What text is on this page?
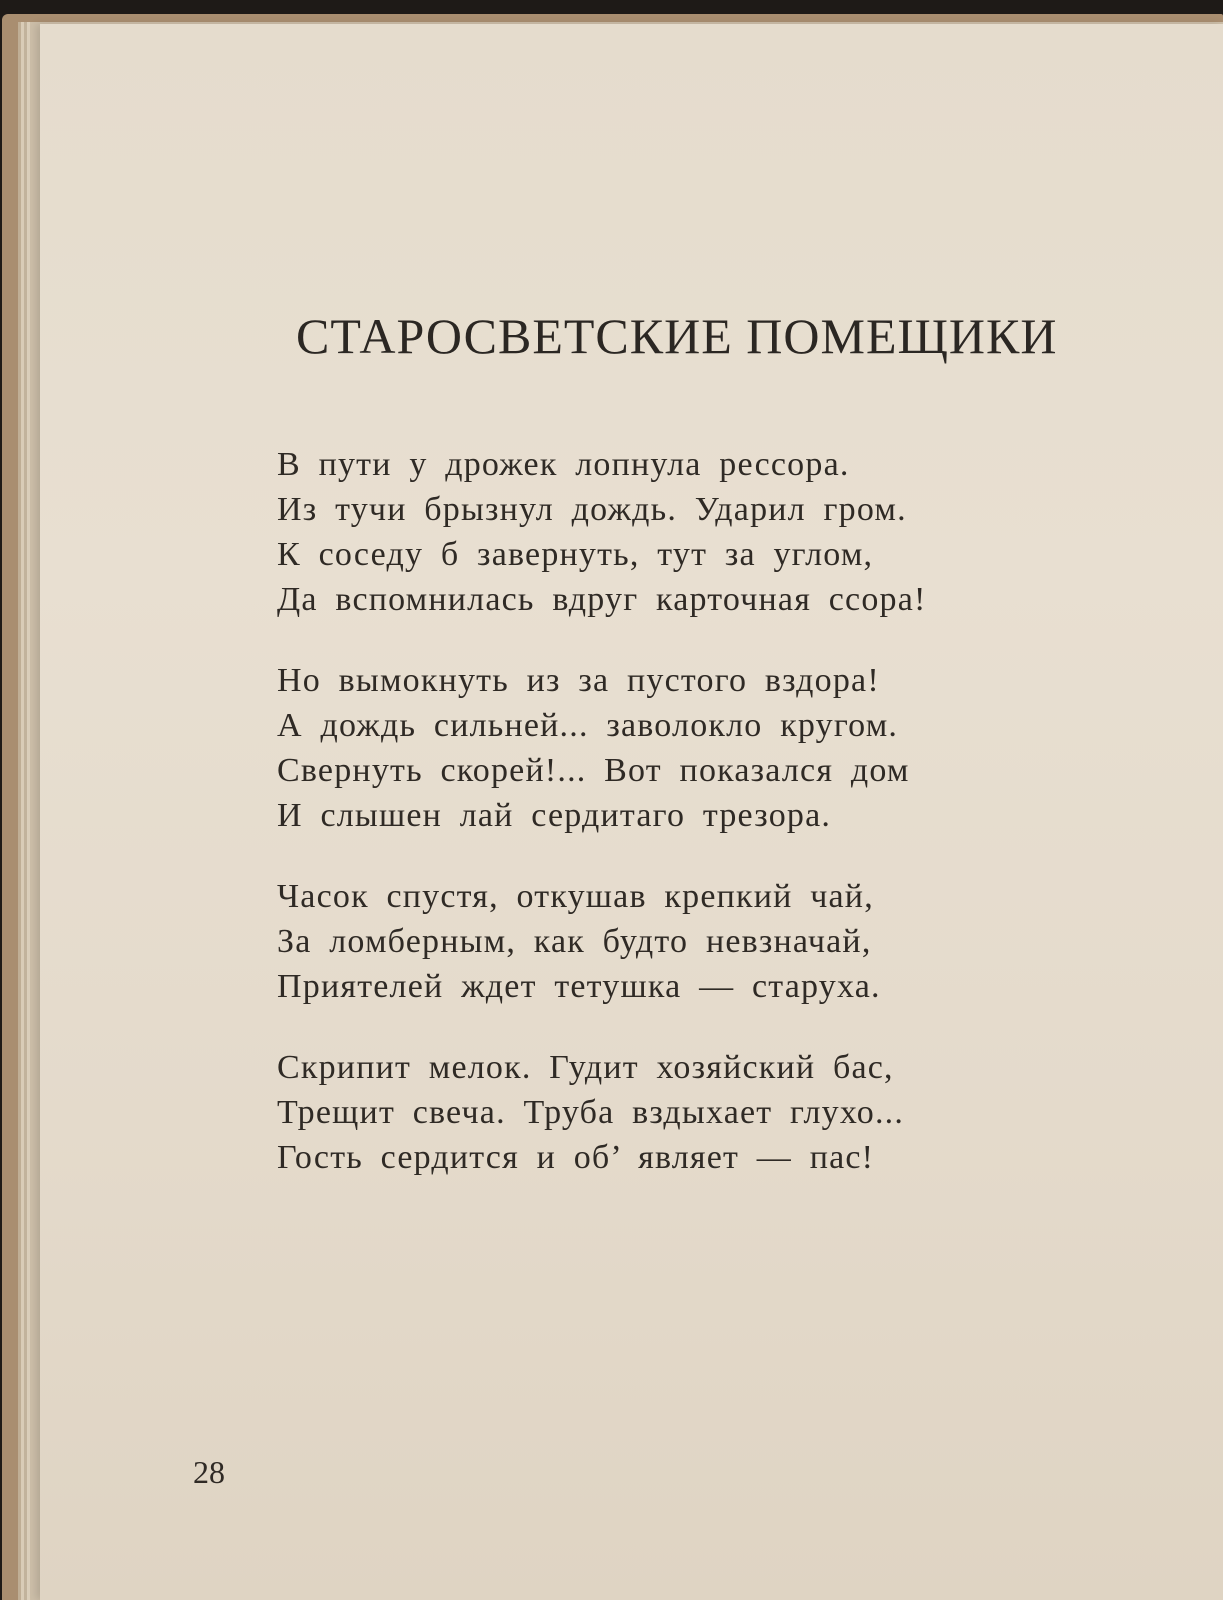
СТАРОСВЕТСКИЕ ПОМЕЩИКИ
В пути у дрожек лопнула рессора.
Из тучи брызнул дождь. Ударил гром.
К соседу б завернуть, тут за углом,
Да вспомнилась вдруг карточная ссора!
Но вымокнуть из за пустого вздора!
А дождь сильней... заволокло кругом.
Свернуть скорей!... Вот показался дом
И слышен лай сердитаго трезора.
Часок спустя, откушав крепкий чай,
За ломберным, как будто невзначай,
Приятелей ждет тетушка — старуха.
Скрипит мелок. Гудит хозяйский бас,
Трещит свеча. Труба вздыхает глухо...
Гость сердится и об’ являет — пас!
28
